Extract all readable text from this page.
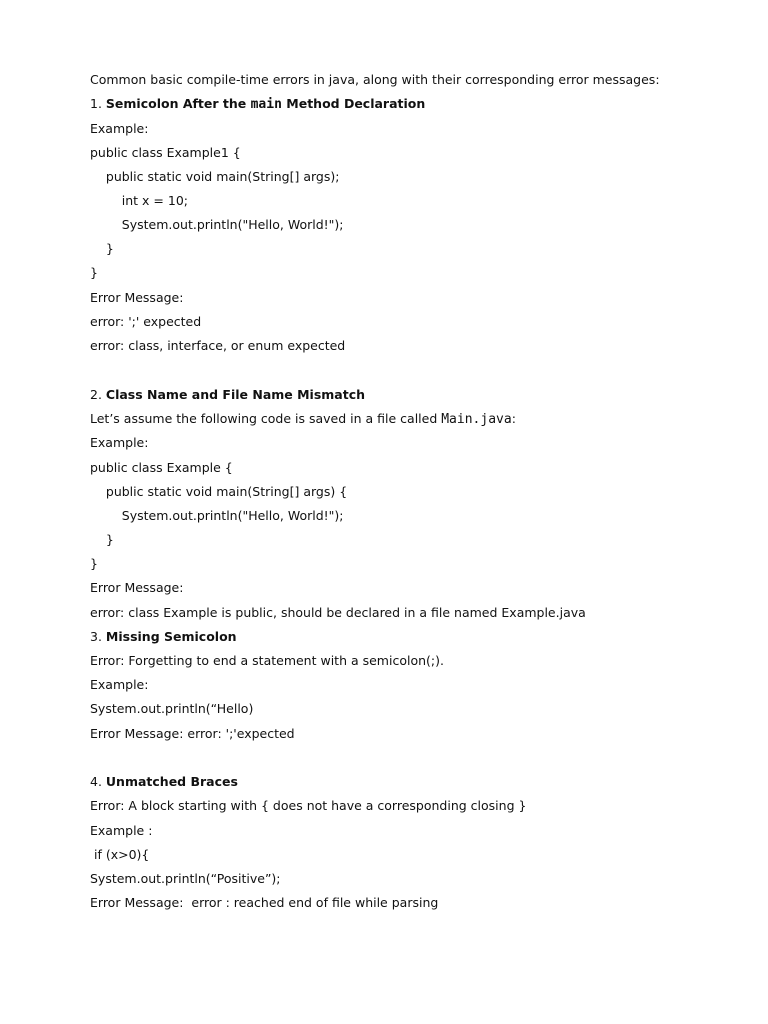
Common basic compile-time errors in java, along with their corresponding error messages:
1. Semicolon After the main Method Declaration
Example:
public class Example1 {
public static void main(String[] args);
int x = 10;
System.out.println("Hello, World!");
}
}
Error Message:
error: ';' expected
error: class, interface, or enum expected
2. Class Name and File Name Mismatch
Let’s assume the following code is saved in a file called Main.java:
Example:
public class Example {
public static void main(String[] args) {
System.out.println("Hello, World!");
}
}
Error Message:
error: class Example is public, should be declared in a file named Example.java
3. Missing Semicolon
Error: Forgetting to end a statement with a semicolon(;).
Example:
System.out.println(“Hello)
Error Message: error: ';'expected
4. Unmatched Braces
Error: A block starting with { does not have a corresponding closing }
Example :
if (x>0){
System.out.println(“Positive”);
Error Message:  error : reached end of file while parsing
